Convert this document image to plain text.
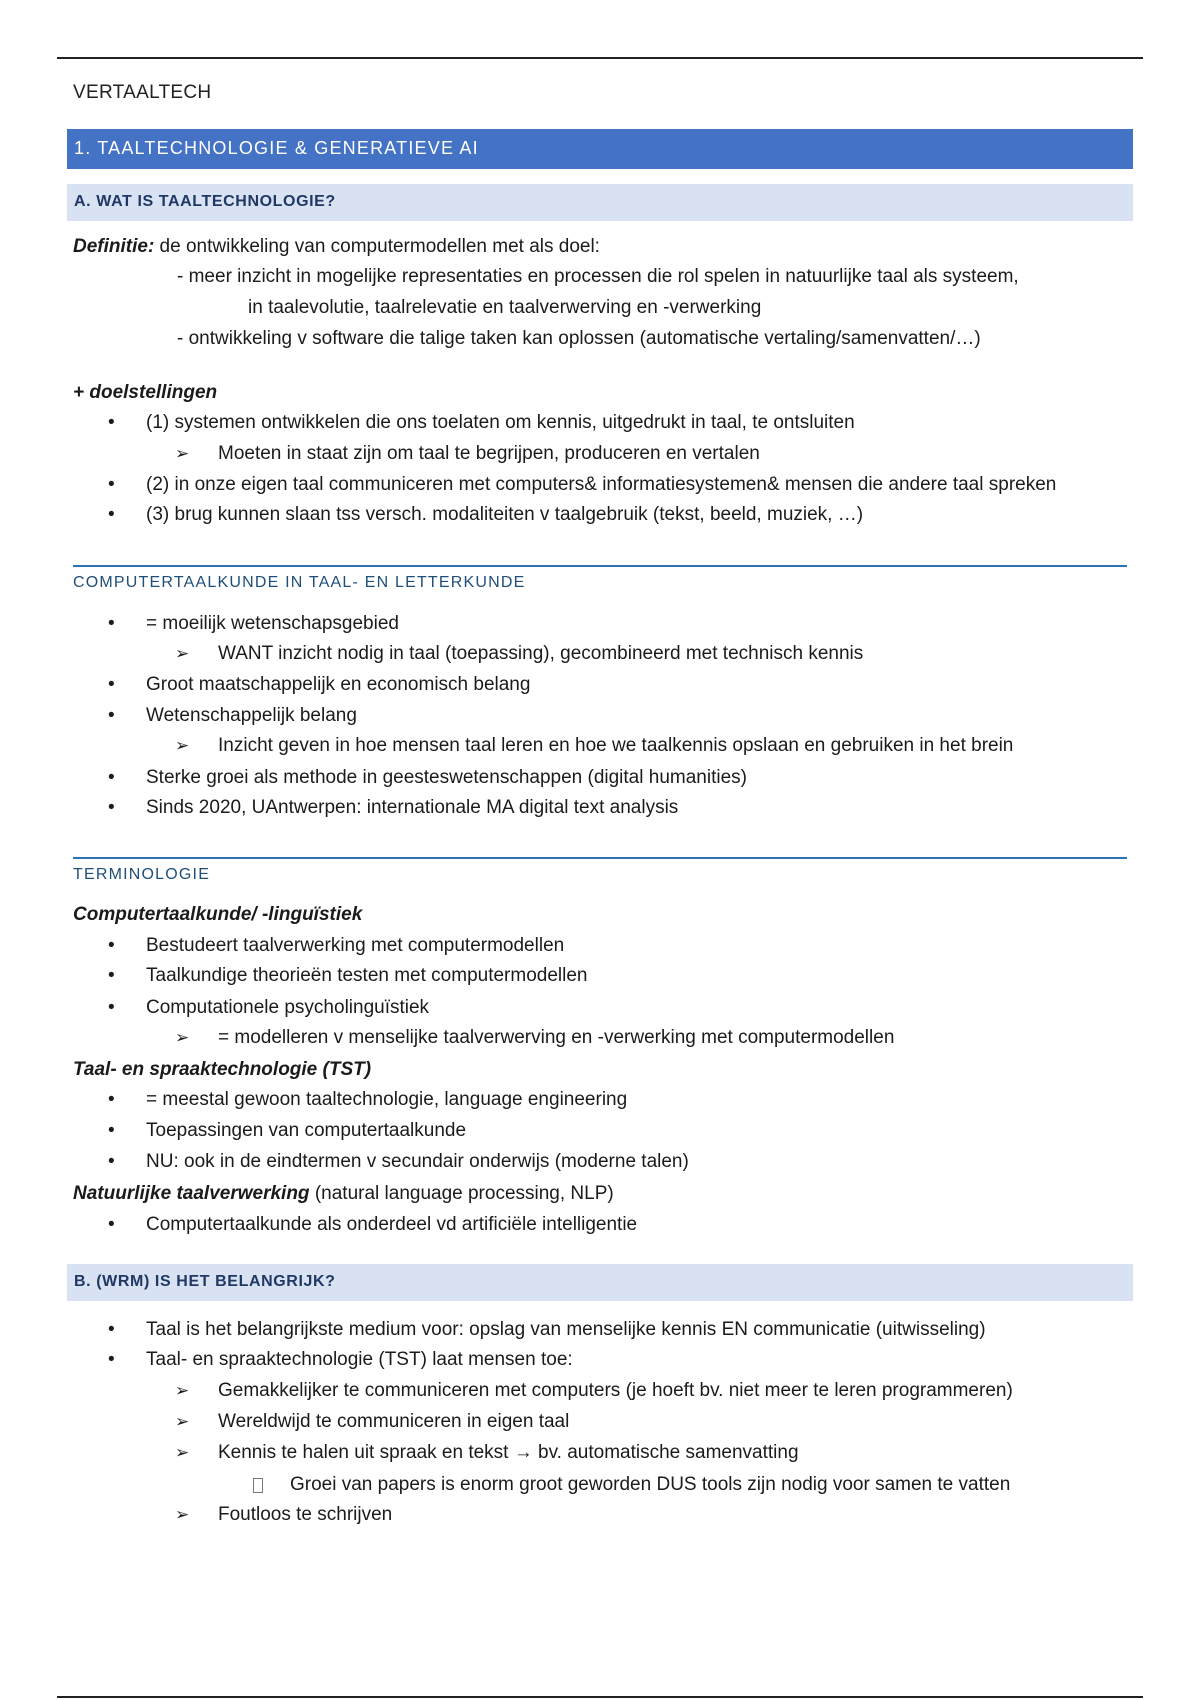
VERTAALTECH
1. TAALTECHNOLOGIE & GENERATIEVE AI
A. WAT IS TAALTECHNOLOGIE?
Definitie: de ontwikkeling van computermodellen met als doel:
- meer inzicht in mogelijke representaties en processen die rol spelen in natuurlijke taal als systeem,
in taalevolutie, taalrelevatie en taalverwerving en -verwerking
- ontwikkeling v software die talige taken kan oplossen (automatische vertaling/samenvatten/…)
+ doelstellingen
• (1) systemen ontwikkelen die ons toelaten om kennis, uitgedrukt in taal, te ontsluiten
➢ Moeten in staat zijn om taal te begrijpen, produceren en vertalen
• (2) in onze eigen taal communiceren met computers& informatiesystemen& mensen die andere taal spreken
• (3) brug kunnen slaan tss versch. modaliteiten v taalgebruik (tekst, beeld, muziek, …)
COMPUTERTAALKUNDE IN TAAL- EN LETTERKUNDE
• = moeilijk wetenschapsgebied
➢ WANT inzicht nodig in taal (toepassing), gecombineerd met technisch kennis
• Groot maatschappelijk en economisch belang
• Wetenschappelijk belang
➢ Inzicht geven in hoe mensen taal leren en hoe we taalkennis opslaan en gebruiken in het brein
• Sterke groei als methode in geesteswetenschappen (digital humanities)
• Sinds 2020, UAntwerpen: internationale MA digital text analysis
TERMINOLOGIE
Computertaalkunde/ -linguïstiek
• Bestudeert taalverwerking met computermodellen
• Taalkundige theorieën testen met computermodellen
• Computationele psycholinguïstiek
➢ = modelleren v menselijke taalverwerving en -verwerking met computermodellen
Taal- en spraaktechnologie (TST)
• = meestal gewoon taaltechnologie, language engineering
• Toepassingen van computertaalkunde
• NU: ook in de eindtermen v secundair onderwijs (moderne talen)
Natuurlijke taalverwerking (natural language processing, NLP)
• Computertaalkunde als onderdeel vd artificiële intelligentie
B. (WRM) IS HET BELANGRIJK?
• Taal is het belangrijkste medium voor: opslag van menselijke kennis EN communicatie (uitwisseling)
• Taal- en spraaktechnologie (TST) laat mensen toe:
➢ Gemakkelijker te communiceren met computers (je hoeft bv. niet meer te leren programmeren)
➢ Wereldwijd te communiceren in eigen taal
➢ Kennis te halen uit spraak en tekst → bv. automatische samenvatting
Groei van papers is enorm groot geworden DUS tools zijn nodig voor samen te vatten
➢ Foutloos te schrijven
